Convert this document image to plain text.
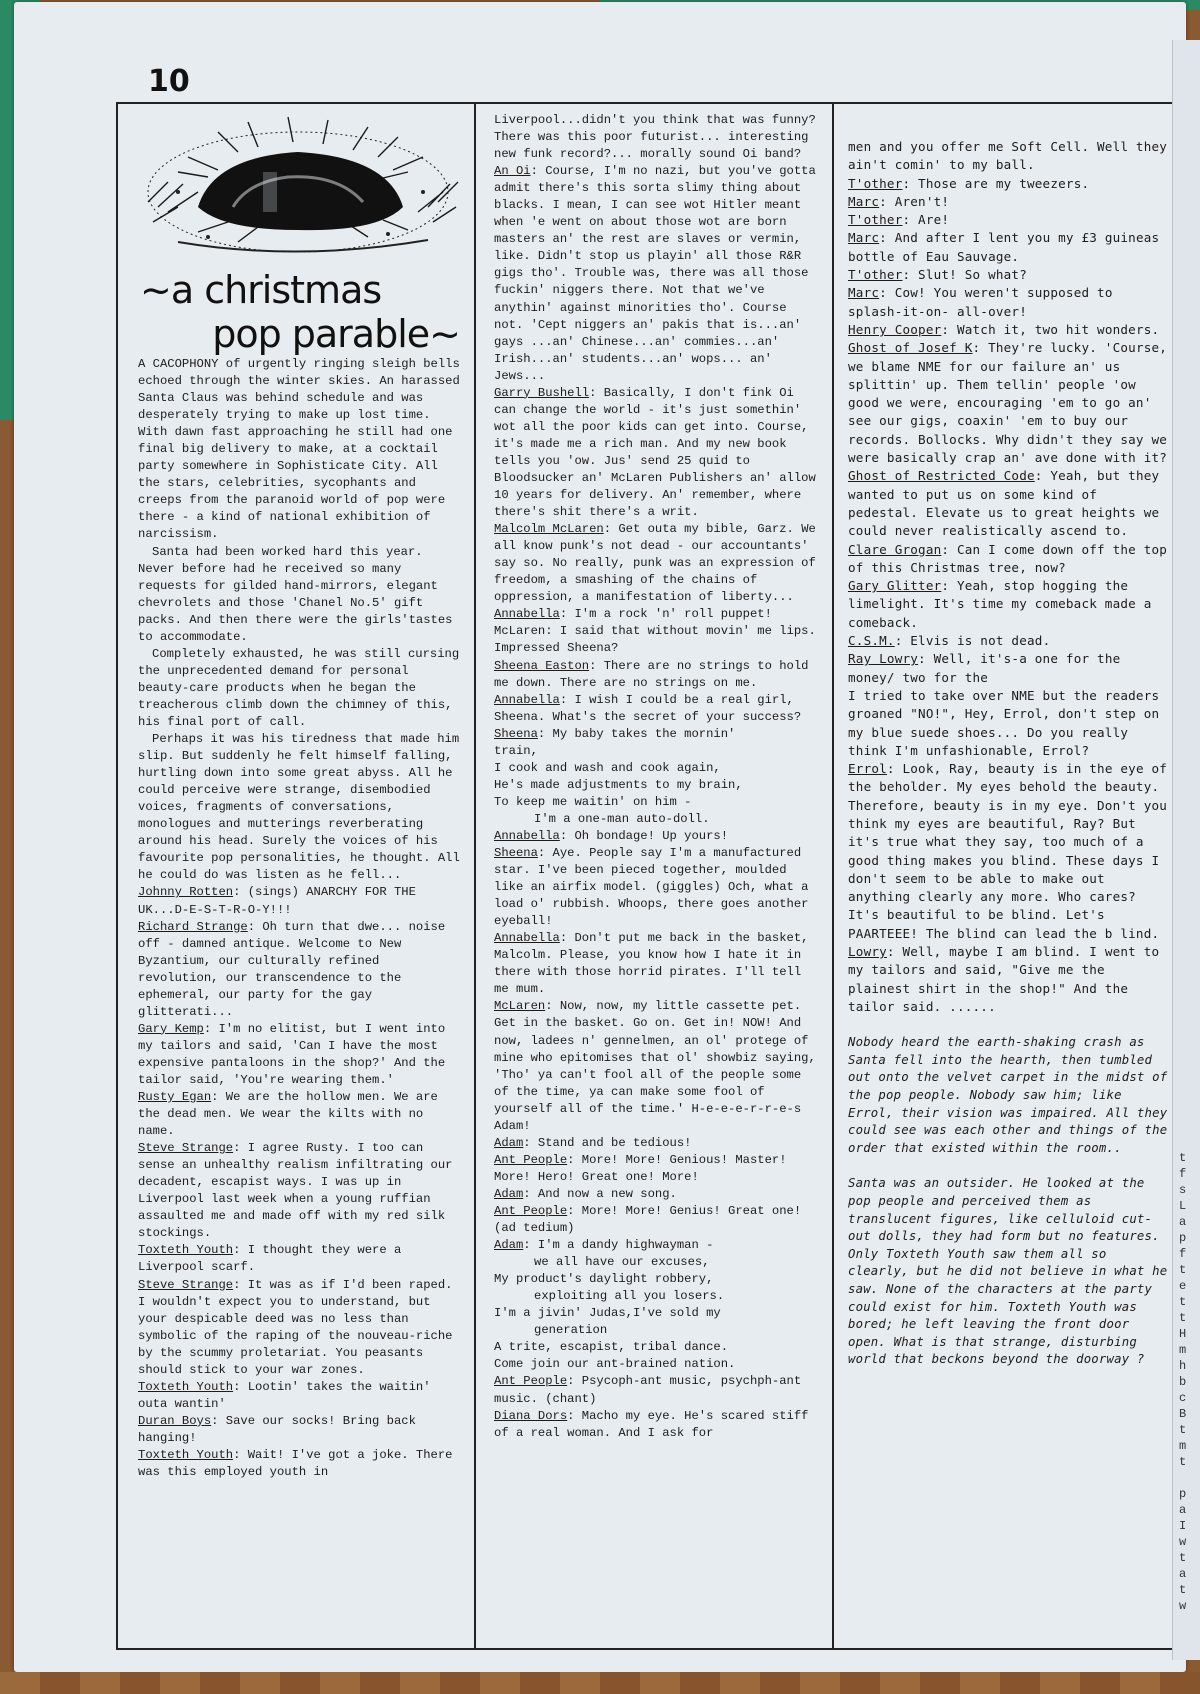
10
~a christmas
pop parable~

A CACOPHONY of urgently ringing sleigh bells echoed through the winter skies. An harassed Santa Claus was behind schedule and was desperately trying to make up lost time. With dawn fast approaching he still had one final big delivery to make, at a cocktail party somewhere in Sophisticate City. All the stars, celebrities, sycophants and creeps from the paranoid world of pop were there - a kind of national exhibition of narcissism.

Santa had been worked hard this year. Never before had he received so many requests for gilded hand-mirrors, elegant chevrolets and those 'Chanel No.5' gift packs. And then there were the girls'tastes to accommodate.

Completely exhausted, he was still cursing the unprecedented demand for personal beauty-care products when he began the treacherous climb down the chimney of this, his final port of call.

Perhaps it was his tiredness that made him slip. But suddenly he felt himself falling, hurtling down into some great abyss. All he could perceive were strange, disembodied voices, fragments of conversations, monologues and mutterings reverberating around his head. Surely the voices of his favourite pop personalities, he thought. All he could do was listen as he fell...

Johnny Rotten: (sings) ANARCHY FOR THE UK...D-E-S-T-R-O-Y!!!

Richard Strange: Oh turn that dwe... noise off - damned antique. Welcome to New Byzantium, our culturally refined revolution, our transcendence to the ephemeral, our party for the gay glitterati...

Gary Kemp: I'm no elitist, but I went into my tailors and said, 'Can I have the most expensive pantaloons in the shop?' And the tailor said, 'You're wearing them.'

Rusty Egan: We are the hollow men. We are the dead men. We wear the kilts with no name.

Steve Strange: I agree Rusty. I too can sense an unhealthy realism infiltrating our decadent, escapist ways. I was up in Liverpool last week when a young ruffian assaulted me and made off with my red silk stockings.

Toxteth Youth: I thought they were a Liverpool scarf.

Steve Strange: It was as if I'd been raped. I wouldn't expect you to understand, but your despicable deed was no less than symbolic of the raping of the nouveau-riche by the scummy proletariat. You peasants should stick to your war zones.

Toxteth Youth: Lootin' takes the waitin' outa wantin'

Duran Boys: Save our socks! Bring back hanging!

Toxteth Youth: Wait! I've got a joke. There was this employed youth in

Liverpool...didn't you think that was funny? There was this poor futurist... interesting new funk record?... morally sound Oi band?

An Oi: Course, I'm no nazi, but you've gotta admit there's this sorta slimy thing about blacks. I mean, I can see wot Hitler meant when 'e went on about those wot are born masters an' the rest are slaves or vermin, like. Didn't stop us playin' all those R&R gigs tho'. Trouble was, there was all those fuckin' niggers there. Not that we've anythin' against minorities tho'. Course not. 'Cept niggers an' pakis that is...an' gays ...an' Chinese...an' commies...an' Irish...an' students...an' wops... an' Jews...

Garry Bushell: Basically, I don't fink Oi can change the world - it's just somethin' wot all the poor kids can get into. Course, it's made me a rich man. And my new book tells you 'ow. Jus' send 25 quid to Bloodsucker an' McLaren Publishers an' allow 10 years for delivery. An' remember, where there's shit there's a writ.

Malcolm McLaren: Get outa my bible, Garz. We all know punk's not dead - our accountants' say so. No really, punk was an expression of freedom, a smashing of the chains of oppression, a manifestation of liberty...

Annabella: I'm a rock 'n' roll puppet! McLaren: I said that without movin' me lips. Impressed Sheena?

Sheena Easton: There are no strings to hold me down. There are no strings on me.

Annabella: I wish I could be a real girl, Sheena. What's the secret of your success?

Sheena: My baby takes the mornin'

train,

I cook and wash and cook again,

He's made adjustments to my brain,

To keep me waitin' on him -

I'm a one-man auto-doll.

Annabella: Oh bondage! Up yours!

Sheena: Aye. People say I'm a manufactured star. I've been pieced together, moulded like an airfix model. (giggles) Och, what a load o' rubbish. Whoops, there goes another eyeball!

Annabella: Don't put me back in the basket, Malcolm. Please, you know how I hate it in there with those horrid pirates. I'll tell me mum.

McLaren: Now, now, my little cassette pet. Get in the basket. Go on. Get in! NOW! And now, ladees n' gennelmen, an ol' protege of mine who epitomises that ol' showbiz saying, 'Tho' ya can't fool all of the people some of the time, ya can make some fool of yourself all of the time.' H-e-e-e-r-r-e-s Adam!

Adam: Stand and be tedious!

Ant People: More! More! Genious! Master! More! Hero! Great one! More!

Adam: And now a new song.

Ant People: More! More! Genius! Great one! (ad tedium)

Adam: I'm a dandy highwayman -

we all have our excuses,

My product's daylight robbery,

exploiting all you losers.

I'm a jivin' Judas,I've sold my

generation

A trite, escapist, tribal dance.

Come join our ant-brained nation.

Ant People: Psycoph-ant music, psychph-ant music. (chant)

Diana Dors: Macho my eye. He's scared stiff of a real woman. And I ask for

men and you offer me Soft Cell. Well they ain't comin' to my ball.

T'other: Those are my tweezers.

Marc: Aren't!

T'other: Are!

Marc: And after I lent you my £3 guineas bottle of Eau Sauvage.

T'other: Slut! So what?

Marc: Cow! You weren't supposed to splash-it-on- all-over!

Henry Cooper: Watch it, two hit wonders.

Ghost of Josef K: They're lucky. 'Course, we blame NME for our failure an' us splittin' up. Them tellin' people 'ow good we were, encouraging 'em to go an' see our gigs, coaxin' 'em to buy our records. Bollocks. Why didn't they say we were basically crap an' ave done with it?

Ghost of Restricted Code: Yeah, but they wanted to put us on some kind of pedestal. Elevate us to great heights we could never realistically ascend to.

Clare Grogan: Can I come down off the top of this Christmas tree, now?

Gary Glitter: Yeah, stop hogging the limelight. It's time my comeback made a comeback.

C.S.M.: Elvis is not dead.

Ray Lowry: Well, it's-a one for the money/ two for the

I tried to take over NME but the readers groaned "NO!", Hey, Errol, don't step on my blue suede shoes... Do you really think I'm unfashionable, Errol?

Errol: Look, Ray, beauty is in the eye of the beholder. My eyes behold the beauty. Therefore, beauty is in my eye. Don't you think my eyes are beautiful, Ray? But it's true what they say, too much of a good thing makes you blind. These days I don't seem to be able to make out anything clearly any more. Who cares? It's beautiful to be blind. Let's PAARTEEE! The blind can lead the b lind.

Lowry: Well, maybe I am blind. I went to my tailors and said, "Give me the plainest shirt in the shop!" And the tailor said. ......

Nobody heard the earth-shaking crash as Santa fell into the hearth, then tumbled out onto the velvet carpet in the midst of the pop people. Nobody saw him; like Errol, their vision was impaired. All they could see was each other and things of the order that existed within the room..

Santa was an outsider. He looked at the pop people and perceived them as translucent figures, like celluloid cut-out dolls, they had form but no features. Only Toxteth Youth saw them all so clearly, but he did not believe in what he saw. None of the characters at the party could exist for him. Toxteth Youth was bored; he left leaving the front door open. What is that strange, disturbing world that beckons beyond the doorway ?

t
f
s
L
a
p
f
t
e
t
t
H
m
h
b
c
B
t
m
t

p
a
I
w
t
a
t
w
